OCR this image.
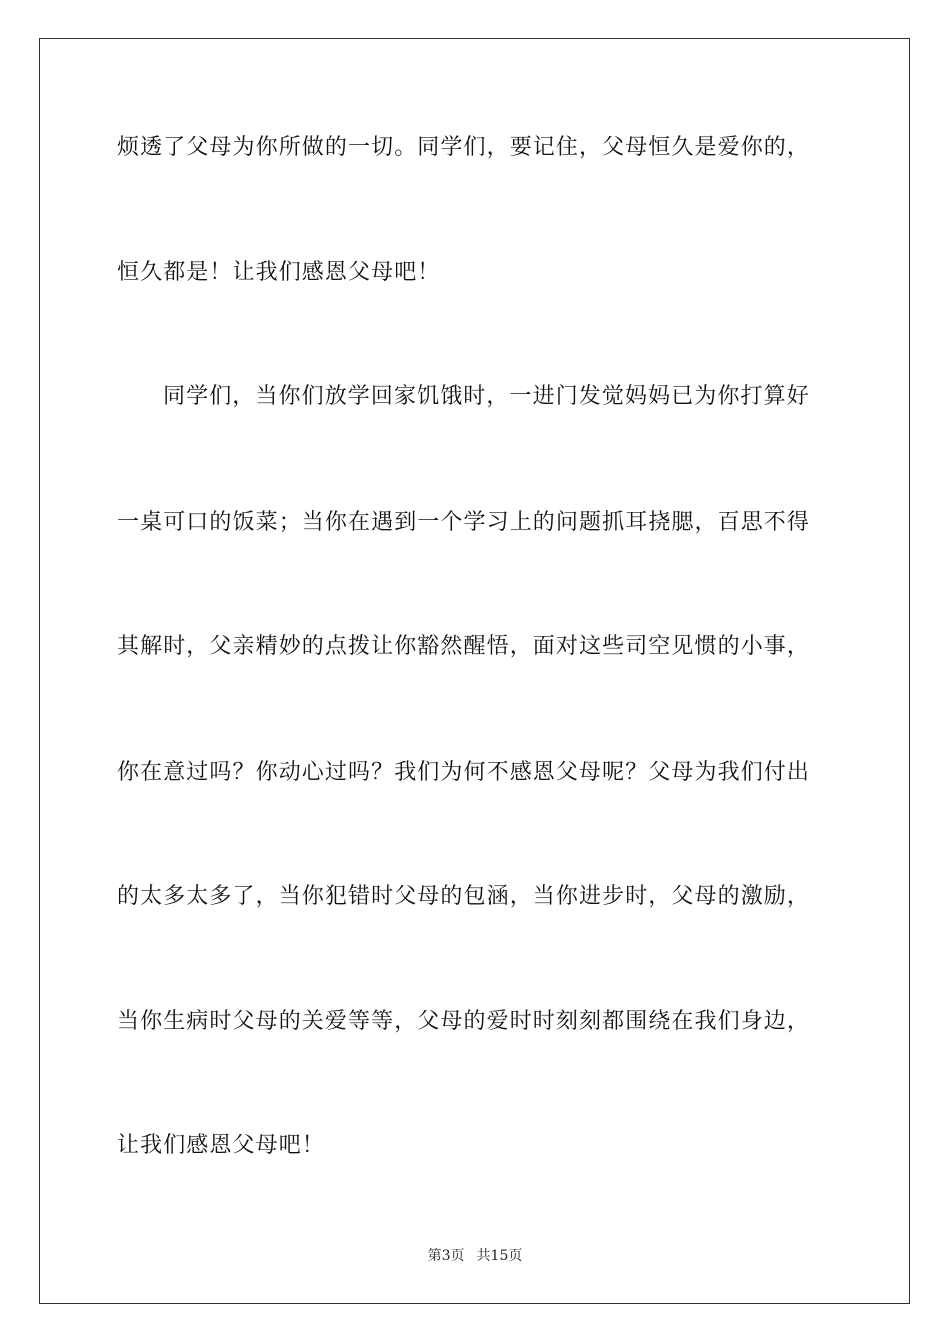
烦透了父母为你所做的一切。同学们，要记住，父母恒久是爱你的，
恒久都是！让我们感恩父母吧！
同学们，当你们放学回家饥饿时，一进门发觉妈妈已为你打算好
一桌可口的饭菜；当你在遇到一个学习上的问题抓耳挠腮，百思不得
其解时，父亲精妙的点拨让你豁然醒悟，面对这些司空见惯的小事，
你在意过吗？你动心过吗？我们为何不感恩父母呢？父母为我们付出
的太多太多了，当你犯错时父母的包涵，当你进步时，父母的激励，
当你生病时父母的关爱等等，父母的爱时时刻刻都围绕在我们身边，
让我们感恩父母吧！
第3页 共15页
